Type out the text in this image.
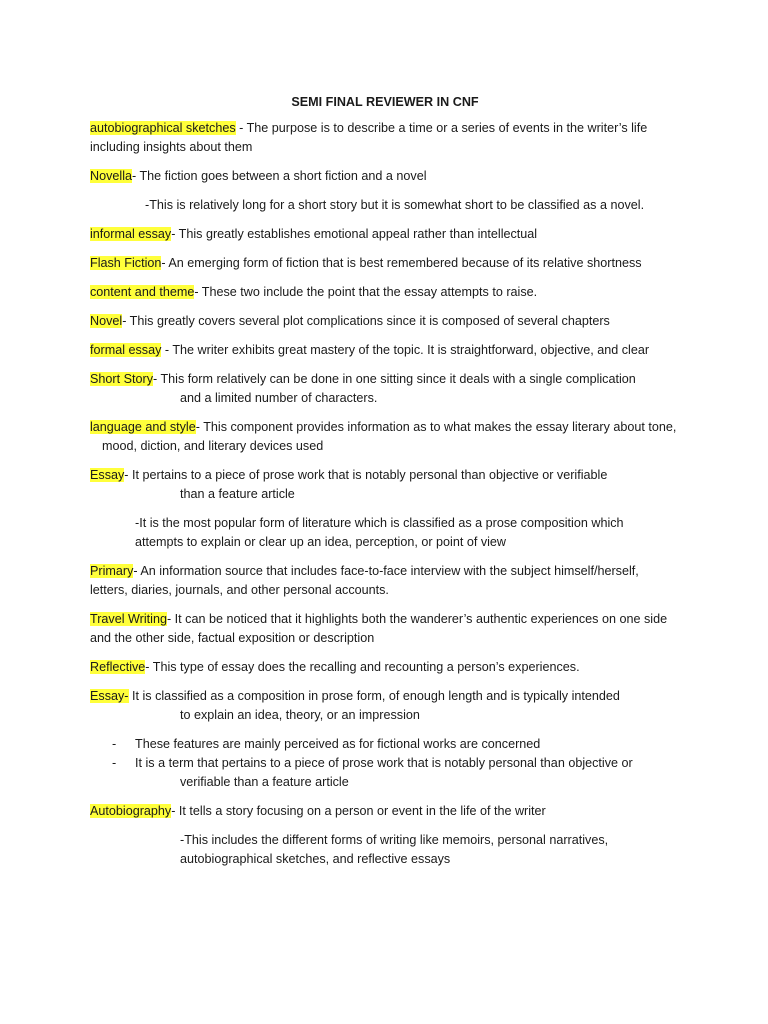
SEMI FINAL REVIEWER IN CNF
autobiographical sketches - The purpose is to describe a time or a series of events in the writer’s life including insights about them
Novella- The fiction goes between a short fiction and a novel
-This is relatively long for a short story but it is somewhat short to be classified as a novel.
informal essay- This greatly establishes emotional appeal rather than intellectual
Flash Fiction- An emerging form of fiction that is best remembered because of its relative shortness
content and theme- These two include the point that the essay attempts to raise.
Novel- This greatly covers several plot complications since it is composed of several chapters
formal essay - The writer exhibits great mastery of the topic. It is straightforward, objective, and clear
Short Story- This form relatively can be done in one sitting since it deals with a single complication
and a limited number of characters.
language and style- This component provides information as to what makes the essay literary about tone,mood, diction, and literary devices used
Essay- It pertains to a piece of prose work that is notably personal than objective or verifiable
than a feature article
-It is the most popular form of literature which is classified as a prose composition which
attempts to explain or clear up an idea, perception, or point of view
Primary- An information source that includes face-to-face interview with the subject himself/herself, letters, diaries, journals, and other personal accounts.
Travel Writing- It can be noticed that it highlights both the wanderer’s authentic experiences on one side and the other side, factual exposition or description
Reflective- This type of essay does the recalling and recounting a person’s experiences.
Essay- It is classified as a composition in prose form, of enough length and is typically intended
to explain an idea, theory, or an impression
- These features are mainly perceived as for fictional works are concerned
- It is a term that pertains to a piece of prose work that is notably personal than objective or
verifiable than a feature article
Autobiography- It tells a story focusing on a person or event in the life of the writer
-This includes the different forms of writing like memoirs, personal narratives,
autobiographical sketches, and reflective essays
